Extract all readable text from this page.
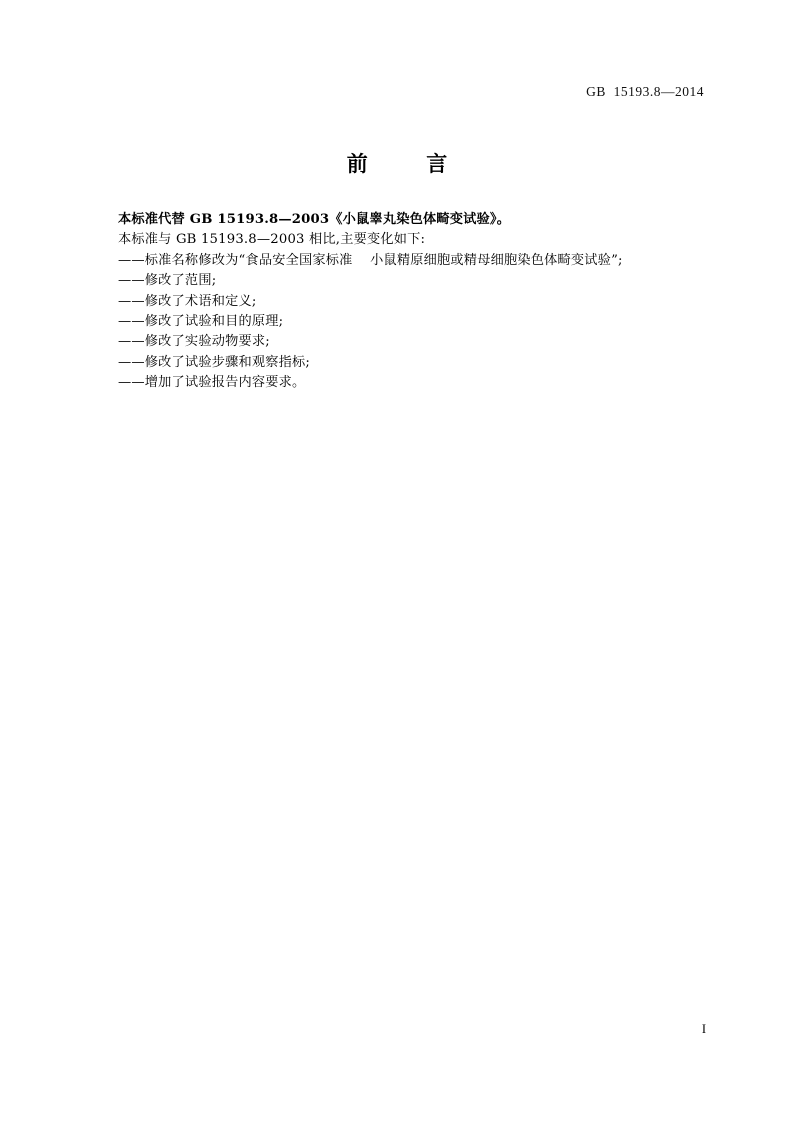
GB  15193.8—2014
前        言

本标准代替 GB 15193.8—2003《小鼠睾丸染色体畸变试验》。

本标准与 GB 15193.8—2003 相比,主要变化如下:

——标准名称修改为“食品安全国家标准    小鼠精原细胞或精母细胞染色体畸变试验”;
——修改了范围;
——修改了术语和定义;
——修改了试验和目的原理;
——修改了实验动物要求;
——修改了试验步骤和观察指标;
——增加了试验报告内容要求。
I
